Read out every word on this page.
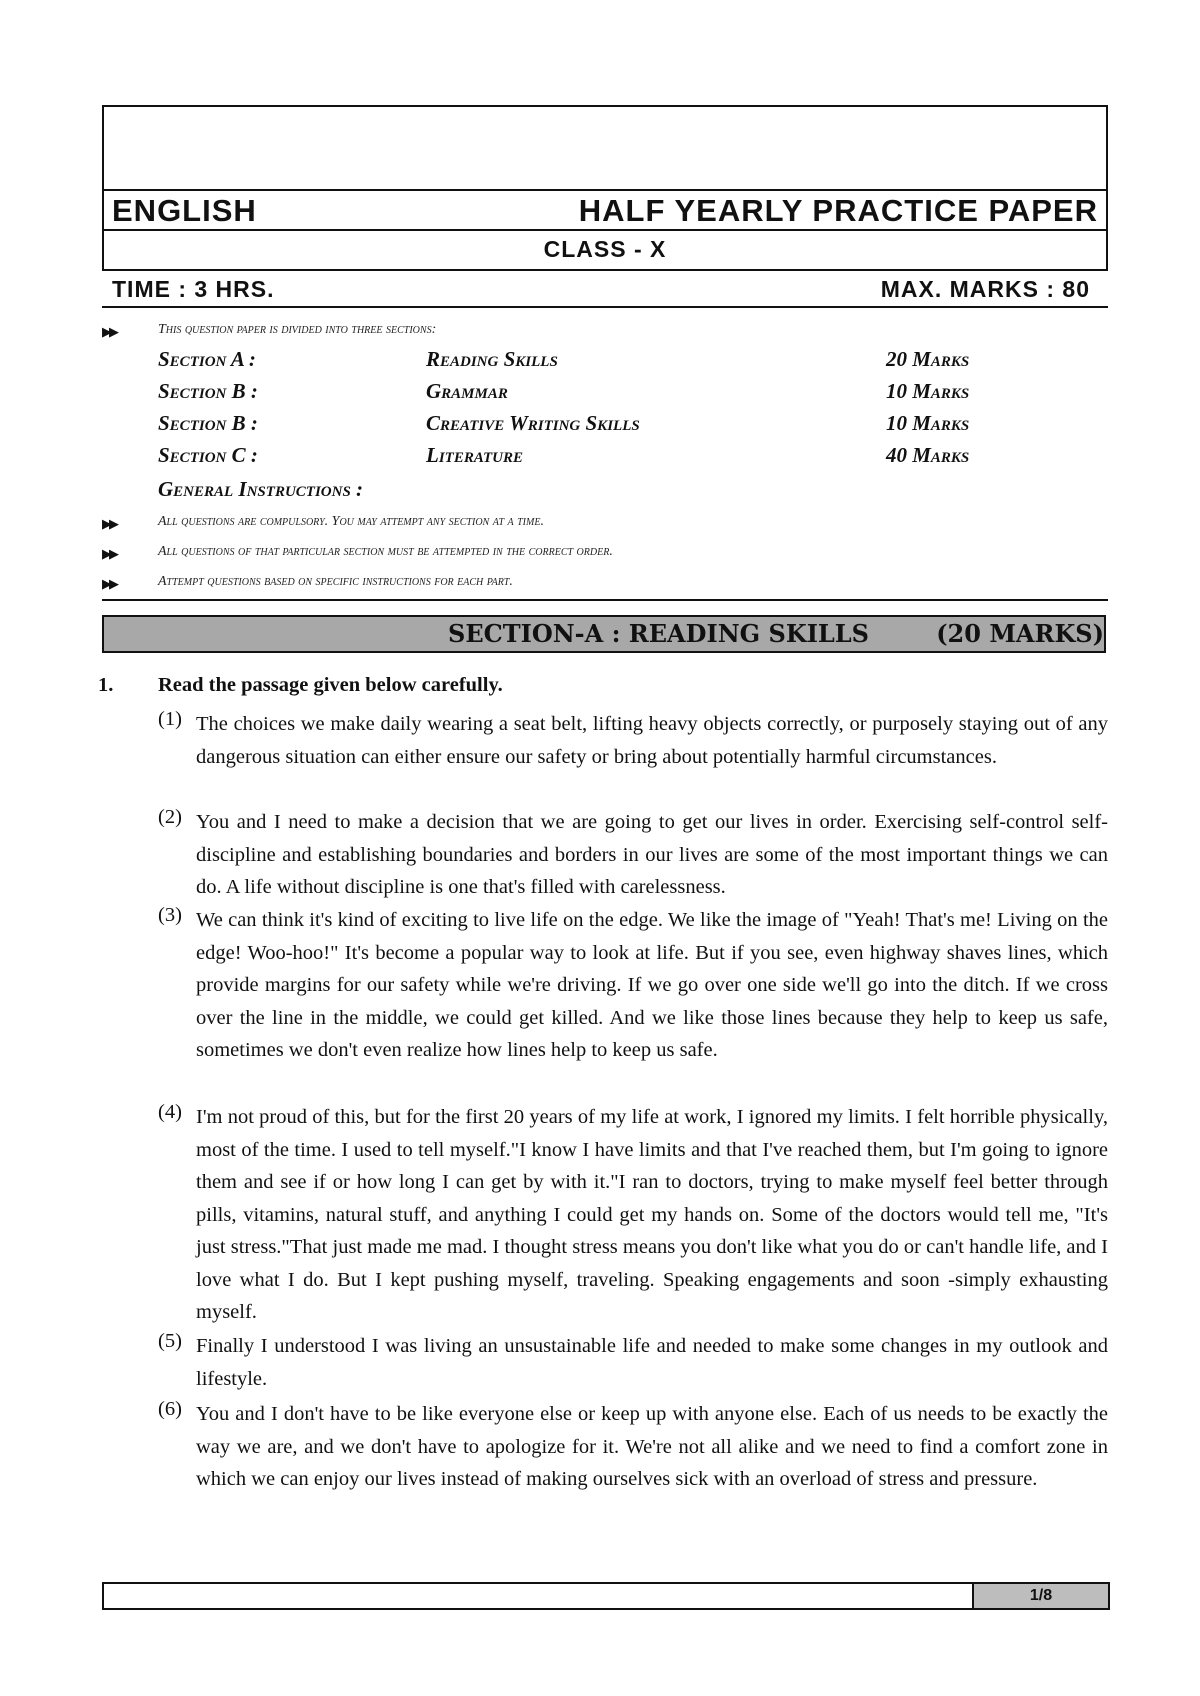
ENGLISH	HALF YEARLY PRACTICE PAPER
CLASS - X
TIME : 3 HRS.	MAX. MARKS : 80
▶▶	This question paper is divided into three sections:
Section A :	Reading Skills	20 Marks
Section B :	Grammar	10 Marks
Section B :	Creative Writing Skills	10 Marks
Section C :	Literature	40 Marks
General Instructions :
▶▶	All questions are compulsory. You may attempt any section at a time.
▶▶	All questions of that particular section must be attempted in the correct order.
▶▶	Attempt questions based on specific instructions for each part.
SECTION-A : READING SKILLS	(20 MARKS)
1. Read the passage given below carefully.
(1) The choices we make daily wearing a seat belt, lifting heavy objects correctly, or purposely staying out of any dangerous situation can either ensure our safety or bring about potentially harmful circumstances.
(2) You and I need to make a decision that we are going to get our lives in order. Exercising self-control self-discipline and establishing boundaries and borders in our lives are some of the most important things we can do. A life without discipline is one that's filled with carelessness.
(3) We can think it's kind of exciting to live life on the edge. We like the image of "Yeah! That's me! Living on the edge! Woo-hoo!" It's become a popular way to look at life. But if you see, even highway shaves lines, which provide margins for our safety while we're driving. If we go over one side we'll go into the ditch. If we cross over the line in the middle, we could get killed. And we like those lines because they help to keep us safe, sometimes we don't even realize how lines help to keep us safe.
(4) I'm not proud of this, but for the first 20 years of my life at work, I ignored my limits. I felt horrible physically, most of the time. I used to tell myself."I know I have limits and that I've reached them, but I'm going to ignore them and see if or how long I can get by with it."I ran to doctors, trying to make myself feel better through pills, vitamins, natural stuff, and anything I could get my hands on. Some of the doctors would tell me, "It's just stress."That just made me mad. I thought stress means you don't like what you do or can't handle life, and I love what I do. But I kept pushing myself, traveling. Speaking engagements and soon -simply exhausting myself.
(5) Finally I understood I was living an unsustainable life and needed to make some changes in my outlook and lifestyle.
(6) You and I don't have to be like everyone else or keep up with anyone else. Each of us needs to be exactly the way we are, and we don't have to apologize for it. We're not all alike and we need to find a comfort zone in which we can enjoy our lives instead of making ourselves sick with an overload of stress and pressure.
1/8
